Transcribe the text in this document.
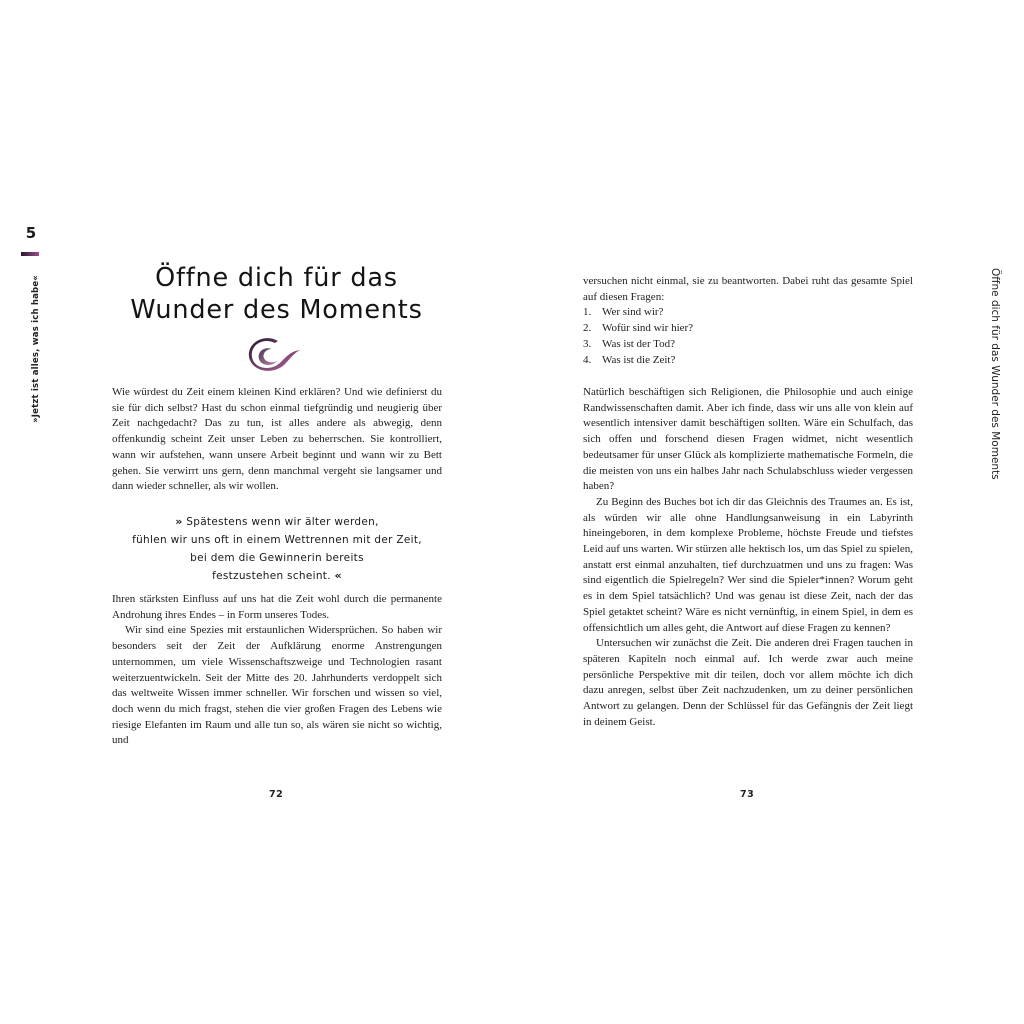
5
»Jetzt ist alles, was ich habe«	Öffne dich für das
Wunder des Moments

Wie würdest du Zeit einem kleinen Kind erklären? Und wie definierst du sie für dich selbst? Hast du schon einmal tiefgründig und neugierig über Zeit nachgedacht? Das zu tun, ist alles andere als abwegig, denn offenkundig scheint Zeit unser Leben zu beherrschen. Sie kontrolliert, wann wir aufstehen, wann unsere Arbeit beginnt und wann wir zu Bett gehen. Sie verwirrt uns gern, denn manchmal vergeht sie langsamer und dann wieder schneller, als wir wollen.

» Spätestens wenn wir älter werden,
fühlen wir uns oft in einem Wettrennen mit der Zeit,
bei dem die Gewinnerin bereits
festzustehen scheint. «

Ihren stärksten Einfluss auf uns hat die Zeit wohl durch die permanente Androhung ihres Endes – in Form unseres Todes.

Wir sind eine Spezies mit erstaunlichen Widersprüchen. So haben wir besonders seit der Zeit der Aufklärung enorme Anstrengungen unternommen, um viele Wissenschaftszweige und Technologien rasant weiterzuentwickeln. Seit der Mitte des 20. Jahrhunderts verdoppelt sich das weltweite Wissen immer schneller. Wir forschen und wissen so viel, doch wenn du mich fragst, stehen die vier großen Fragen des Lebens wie riesige Elefanten im Raum und alle tun so, als wären sie nicht so wichtig, und

72
Öffne dich für das Wunder des Moments

versuchen nicht einmal, sie zu beantworten. Dabei ruht das gesamte Spiel auf diesen Fragen:

1. Wer sind wir?
2. Wofür sind wir hier?
3. Was ist der Tod?
4. Was ist die Zeit?

Natürlich beschäftigen sich Religionen, die Philosophie und auch einige Randwissenschaften damit. Aber ich finde, dass wir uns alle von klein auf wesentlich intensiver damit beschäftigen sollten. Wäre ein Schulfach, das sich offen und forschend diesen Fragen widmet, nicht wesentlich bedeutsamer für unser Glück als komplizierte mathematische Formeln, die die meisten von uns ein halbes Jahr nach Schulabschluss wieder vergessen haben?

Zu Beginn des Buches bot ich dir das Gleichnis des Traumes an. Es ist, als würden wir alle ohne Handlungsanweisung in ein Labyrinth hineingeboren, in dem komplexe Probleme, höchste Freude und tiefstes Leid auf uns warten. Wir stürzen alle hektisch los, um das Spiel zu spielen, anstatt erst einmal anzuhalten, tief durchzuatmen und uns zu fragen: Was sind eigentlich die Spielregeln? Wer sind die Spieler*innen? Worum geht es in dem Spiel tatsächlich? Und was genau ist diese Zeit, nach der das Spiel getaktet scheint? Wäre es nicht vernünftig, in einem Spiel, in dem es offensichtlich um alles geht, die Antwort auf diese Fragen zu kennen?

Untersuchen wir zunächst die Zeit. Die anderen drei Fragen tauchen in späteren Kapiteln noch einmal auf. Ich werde zwar auch meine persönliche Perspektive mit dir teilen, doch vor allem möchte ich dich dazu anregen, selbst über Zeit nachzudenken, um zu deiner persönlichen Antwort zu gelangen. Denn der Schlüssel für das Gefängnis der Zeit liegt in deinem Geist.

73
